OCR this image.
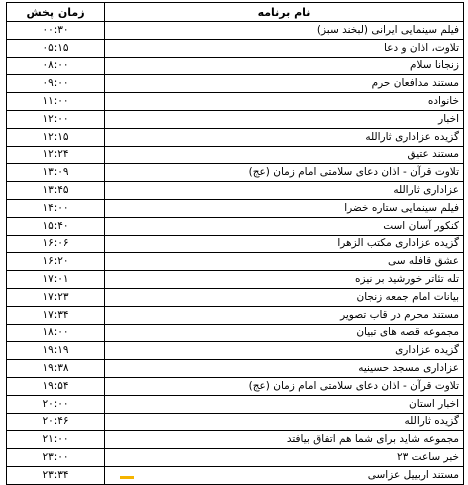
نام برنامه	زمان پخش
فیلم سینمایی ایرانی (لبخند سبز)	۰۰:۳۰
تلاوت، اذان و دعا	۰۵:۱۵
زنجانا سلام	۰۸:۰۰
مستند مدافعان حرم	۰۹:۰۰
خانواده	۱۱:۰۰
اخبار	۱۲:۰۰
گزیده عزاداری ثارالله	۱۲:۱۵
مستند عتیق	۱۲:۲۴
تلاوت قرآن - اذان دعای سلامتی امام زمان (عج)	۱۳:۰۹
عزاداری ثارالله	۱۳:۴۵
فیلم سینمایی ستاره خضرا	۱۴:۰۰
کنکور آسان است	۱۵:۴۰
گزیده عزاداری مکتب الزهرا	۱۶:۰۶
عشق قافله سی	۱۶:۲۰
تله تئاتر خورشید بر نیزه	۱۷:۰۱
بیانات امام جمعه زنجان	۱۷:۲۳
مستند محرم در قاب تصویر	۱۷:۳۴
مجموعه قصه های تبیان	۱۸:۰۰
گزیده عزاداری	۱۹:۱۹
عزاداری مسجد حسینیه	۱۹:۳۸
تلاوت قرآن - اذان دعای سلامتی امام زمان (عج)	۱۹:۵۴
اخبار استان	۲۰:۰۰
گزیده ثارالله	۲۰:۴۶
مجموعه شاید برای شما هم اتفاق بیافتد	۲۱:۰۰
خبر ساعت ۲۳	۲۳:۰۰
مستند اربییل عزاسی	۲۳:۳۴
